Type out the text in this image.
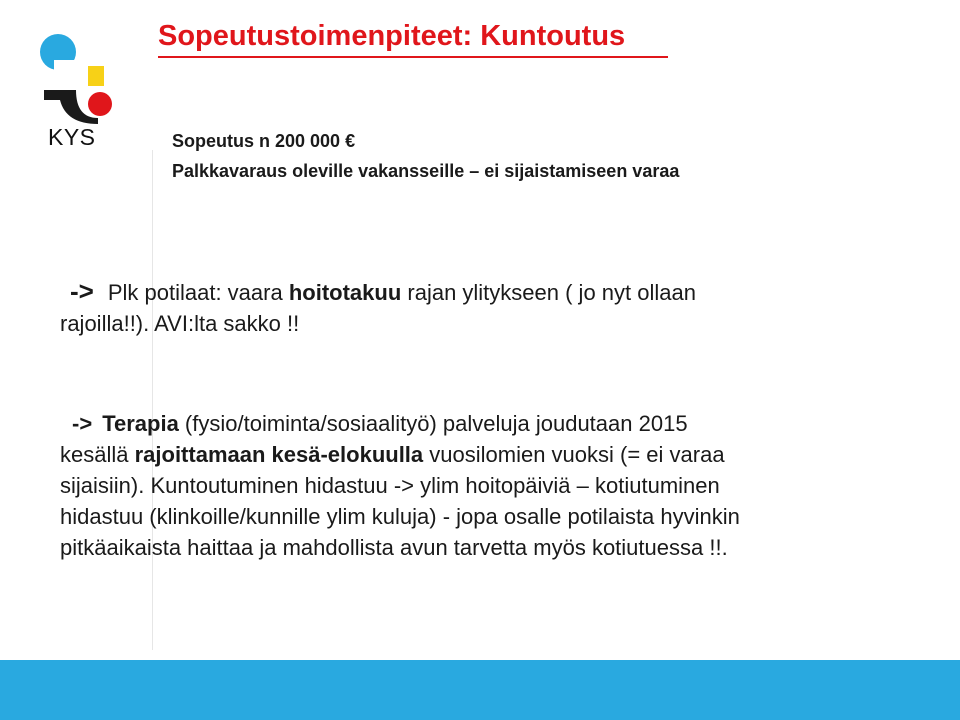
KYS
Sopeutustoimenpiteet: Kuntoutus
Sopeutus n 200 000 €
Palkkavaraus oleville vakansseille – ei sijaistamiseen varaa
-> Plk potilaat: vaara hoitotakuu rajan ylitykseen ( jo nyt ollaan
rajoilla!!). AVI:lta sakko !!
-> Terapia (fysio/toiminta/sosiaalityö) palveluja joudutaan 2015
kesällä rajoittamaan kesä-elokuulla vuosilomien vuoksi (= ei varaa
sijaisiin). Kuntoutuminen hidastuu -> ylim hoitopäiviä – kotiutuminen
hidastuu (klinkoille/kunnille ylim kuluja) - jopa osalle potilaista hyvinkin
pitkäaikaista haittaa ja mahdollista avun tarvetta myös kotiutuessa !!.
